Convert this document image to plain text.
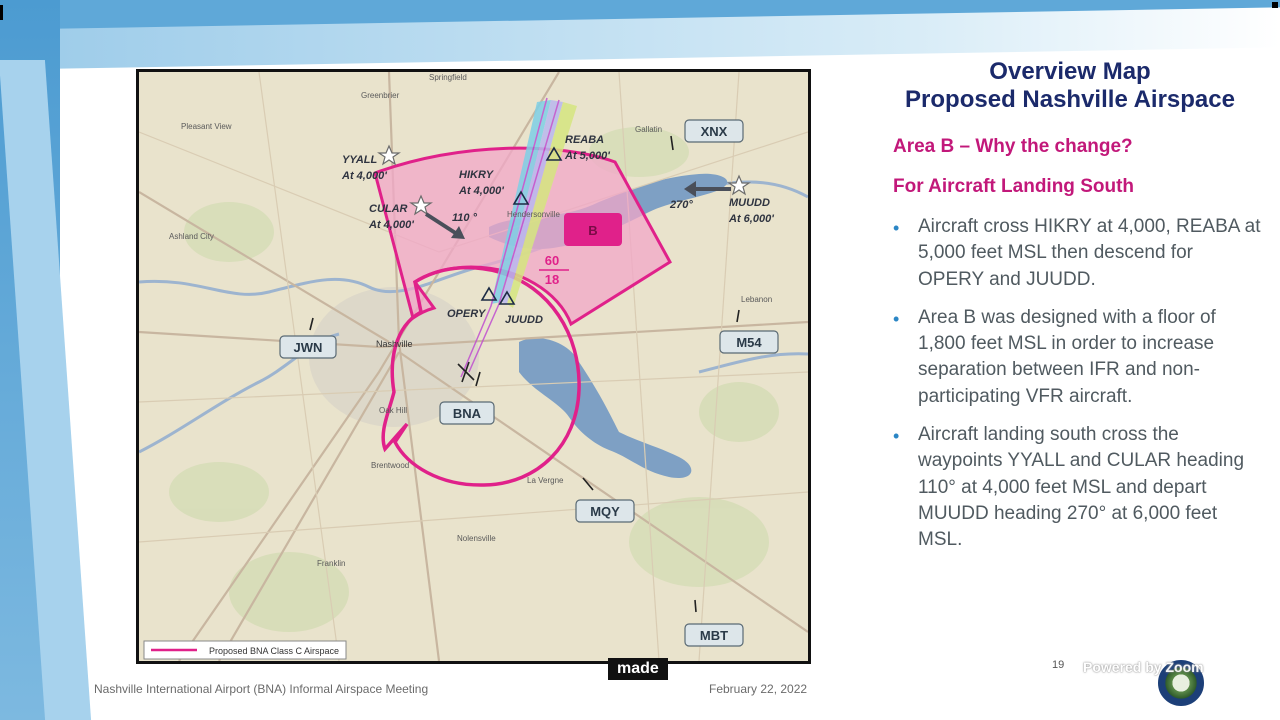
B
60
18
YYALL
At 4,000'	HIKRY
At 4,000'
REABA
At 5,000'
CULAR
At 4,000'
MUUDD
At 6,000'
OPERY JUUDD
110 °
270°
Nashville
La Vergne
Lebanon
Franklin
Brentwood
Hendersonville
Gallatin
Springfield
Pleasant View
Ashland City
Greenbrier
Oak Hill
Nolensville
XNX
JWN	M54
BNA
MQY
MBT
Proposed BNA Class C Airspace
Overview Map
Proposed Nashville Airspace
Area B – Why the change?
For Aircraft Landing South
• Aircraft cross HIKRY at 4,000, REABA at 5,000 feet MSL then descend for OPERY and JUUDD.
• Area B was designed with a floor of 1,800 feet MSL in order to increase separation between IFR and non-participating VFR aircraft.
• Aircraft landing south cross the waypoints YYALL and CULAR heading 110° at 4,000 feet MSL and depart MUUDD heading 270° at 6,000 feet MSL.
Nashville International Airport (BNA) Informal Airspace Meeting	February 22, 2022
19
made	Powered by Zoom
